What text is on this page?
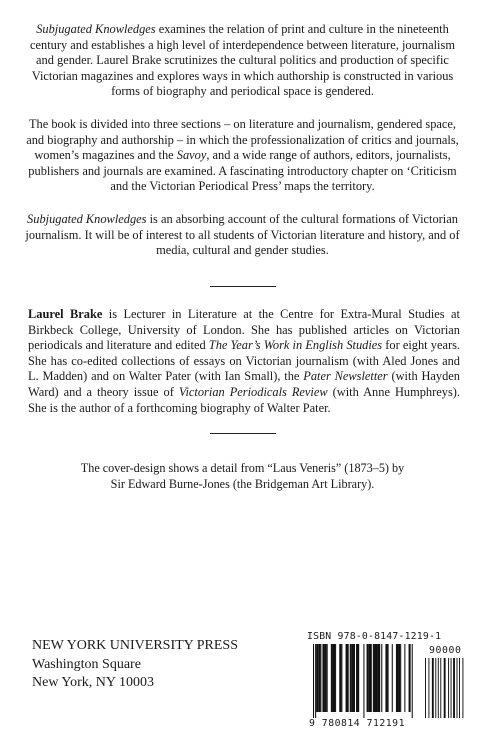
Subjugated Knowledges examines the relation of print and culture in the nineteenth century and establishes a high level of interdependence between literature, journalism and gender. Laurel Brake scrutinizes the cultural politics and production of specific Victorian magazines and explores ways in which authorship is constructed in various forms of biography and periodical space is gendered.

The book is divided into three sections – on literature and journalism, gendered space, and biography and authorship – in which the professionalization of critics and journals, women’s magazines and the Savoy, and a wide range of authors, editors, journalists, publishers and journals are examined. A fascinating introductory chapter on ‘Criticism and the Victorian Periodical Press’ maps the territory.

Subjugated Knowledges is an absorbing account of the cultural formations of Victorian journalism. It will be of interest to all students of Victorian literature and history, and of media, cultural and gender studies.

Laurel Brake is Lecturer in Literature at the Centre for Extra-Mural Studies at Birkbeck College, University of London. She has published articles on Victorian periodicals and literature and edited The Year’s Work in English Studies for eight years. She has co-edited collections of essays on Victorian journalism (with Aled Jones and L. Madden) and on Walter Pater (with Ian Small), the Pater Newsletter (with Hayden Ward) and a theory issue of Victorian Periodicals Review (with Anne Humphreys). She is the author of a forthcoming biography of Walter Pater.

The cover-design shows a detail from “Laus Veneris” (1873–5) by
Sir Edward Burne-Jones (the Bridgeman Art Library).
NEW YORK UNIVERSITY PRESS
Washington Square
New York, NY 10003
ISBN 978-0-8147-1219-1
90000
9 780814 712191
